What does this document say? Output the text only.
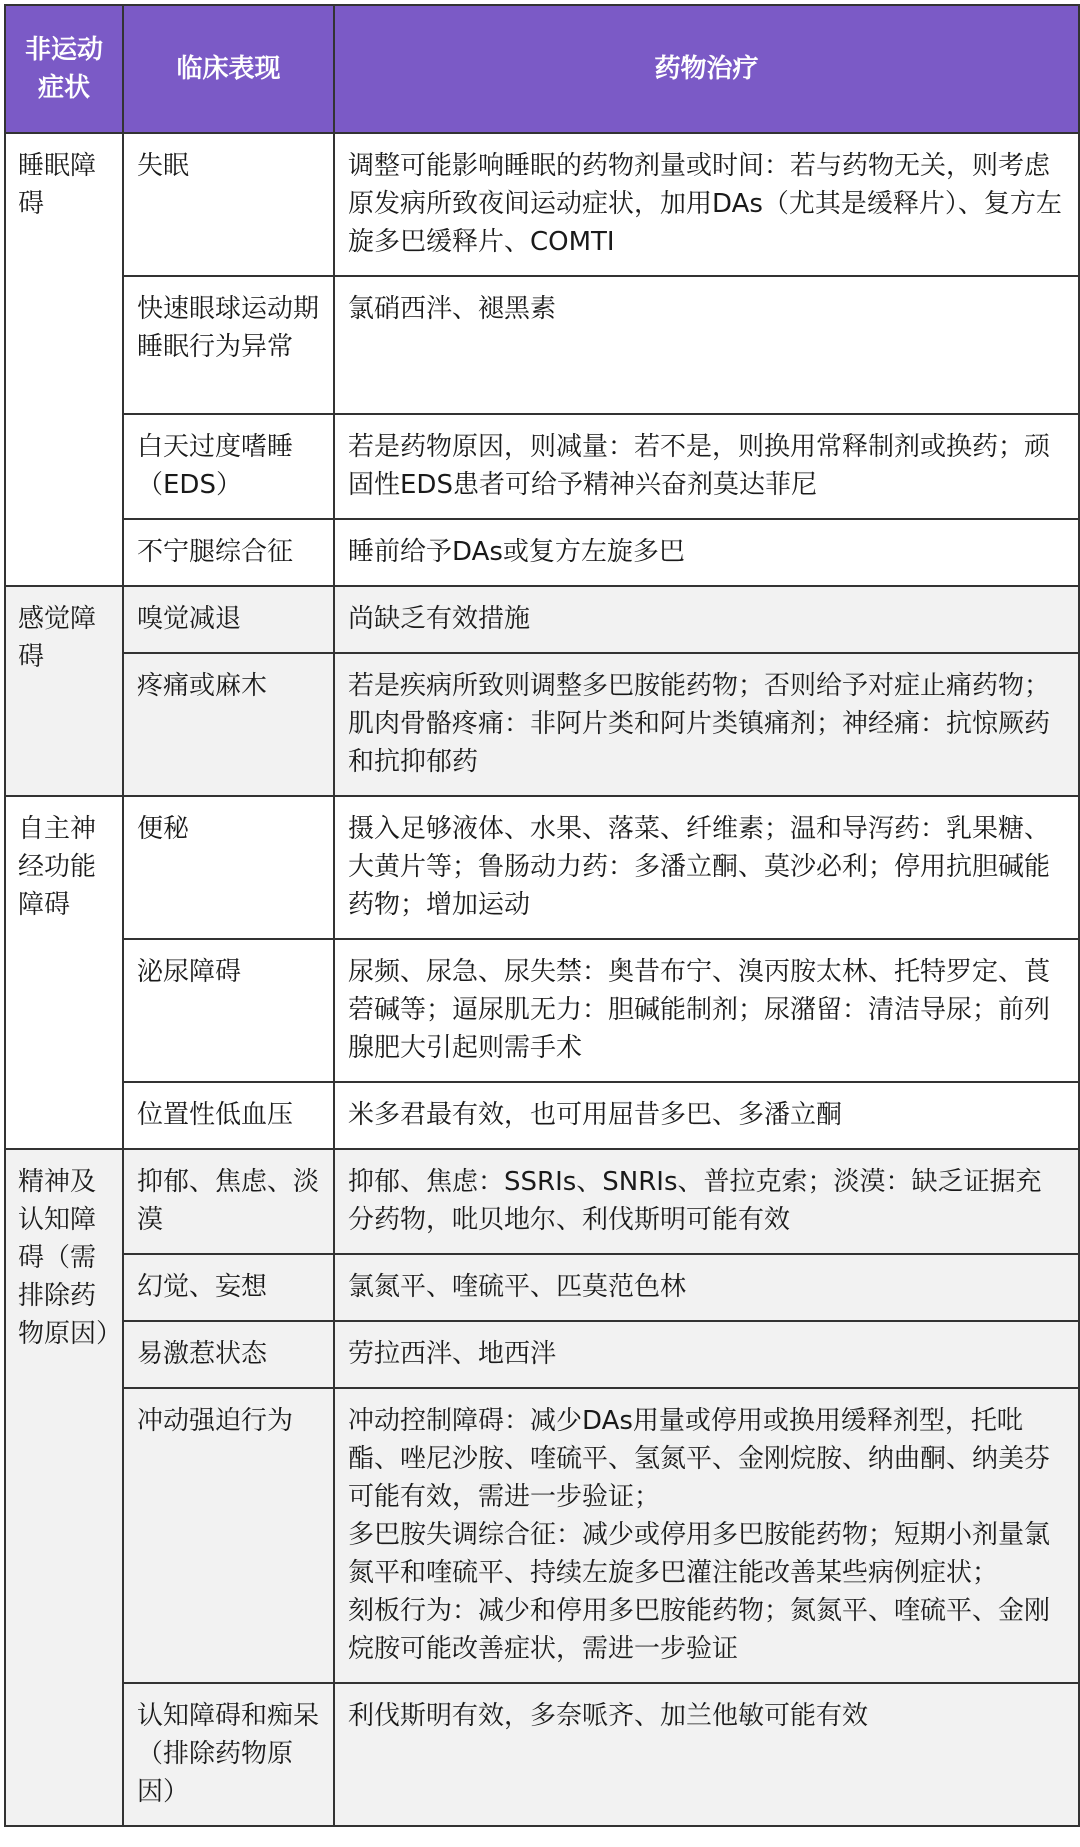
非运动症状	临床表现	药物治疗
睡眠障碍	失眠	调整可能影响睡眠的药物剂量或时间：若与药物无关，则考虑原发病所致夜间运动症状，加用DAs（尤其是缓释片）、复方左旋多巴缓释片、COMTI
	快速眼球运动期睡眠行为异常	氯硝西泮、褪黑素
	白天过度嗜睡（EDS）	若是药物原因，则减量：若不是，则换用常释制剂或换药；顽固性EDS患者可给予精神兴奋剂莫达菲尼
	不宁腿综合征	睡前给予DAs或复方左旋多巴
感觉障碍	嗅觉减退	尚缺乏有效措施
	疼痛或麻木	若是疾病所致则调整多巴胺能药物；否则给予对症止痛药物；肌肉骨骼疼痛：非阿片类和阿片类镇痛剂；神经痛：抗惊厥药和抗抑郁药
自主神经功能障碍	便秘	摄入足够液体、水果、落菜、纤维素；温和导泻药：乳果糖、大黄片等；鲁肠动力药：多潘立酮、莫沙必利；停用抗胆碱能药物；增加运动
	泌尿障碍	尿频、尿急、尿失禁：奥昔布宁、溴丙胺太林、托特罗定、莨菪碱等；逼尿肌无力：胆碱能制剂；尿潴留：清洁导尿；前列腺肥大引起则需手术
	位置性低血压	米多君最有效，也可用屈昔多巴、多潘立酮
精神及认知障碍（需排除药物原因）	抑郁、焦虑、淡漠	抑郁、焦虑：SSRIs、SNRIs、普拉克索；淡漠：缺乏证据充分药物，吡贝地尔、利伐斯明可能有效
	幻觉、妄想	氯氮平、喹硫平、匹莫范色林
	易激惹状态	劳拉西泮、地西泮
	冲动强迫行为	冲动控制障碍：减少DAs用量或停用或换用缓释剂型，托吡酯、唑尼沙胺、喹硫平、氢氮平、金刚烷胺、纳曲酮、纳美芬可能有效，需进一步验证；
多巴胺失调综合征：减少或停用多巴胺能药物；短期小剂量氯氮平和喹硫平、持续左旋多巴灌注能改善某些病例症状；
刻板行为：减少和停用多巴胺能药物；氮氮平、喹硫平、金刚烷胺可能改善症状，需进一步验证
	认知障碍和痴呆（排除药物原因）	利伐斯明有效，多奈哌齐、加兰他敏可能有效
